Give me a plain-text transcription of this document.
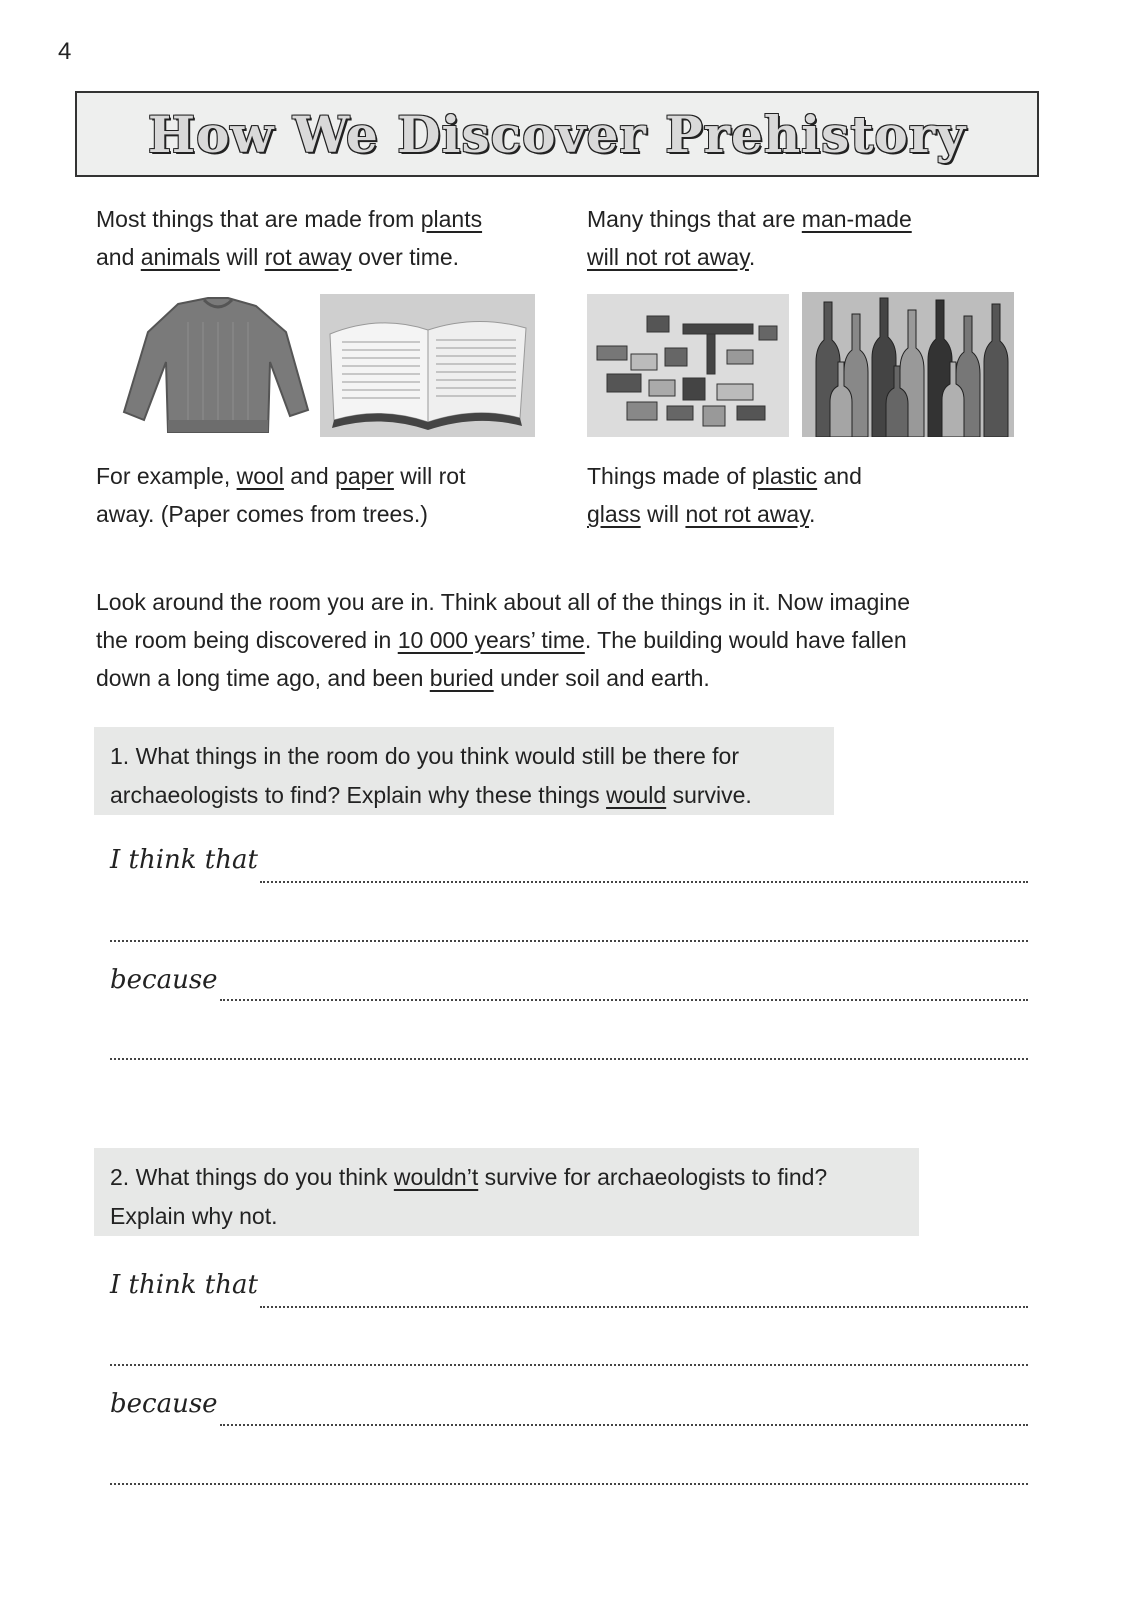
4
How We Discover Prehistory
Most things that are made from plants
and animals will rot away over time.
Many things that are man-made
will not rot away.
For example, wool and paper will rot
away. (Paper comes from trees.)
Things made of plastic and
glass will not rot away.
Look around the room you are in. Think about all of the things in it. Now imagine
the room being discovered in 10 000 years’ time. The building would have fallen
down a long time ago, and been buried under soil and earth.
1. What things in the room do you think would still be there for
archaeologists to find? Explain why these things would survive.
I think that
because
2. What things do you think wouldn’t survive for archaeologists to find?
Explain why not.
I think that
because
